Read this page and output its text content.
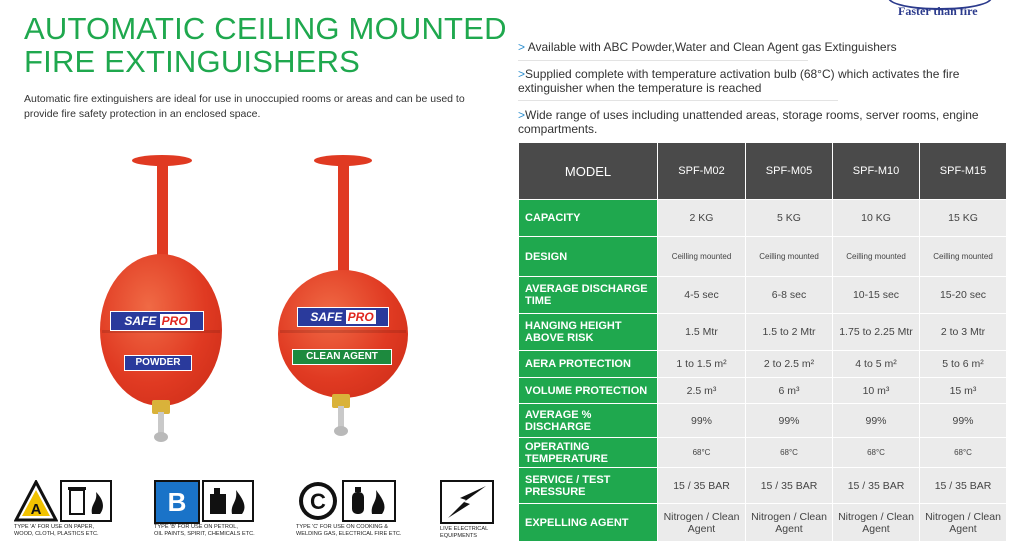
AUTOMATIC CEILING MOUNTED
FIRE EXTINGUISHERS
Automatic fire extinguishers are ideal for use in unoccupied rooms or areas and can be used to provide fire safety protection in an enclosed space.
Faster than fire
> Available with ABC Powder,Water and Clean Agent gas Extinguishers
>Supplied complete with temperature activation bulb (68°C) which activates the fire extinguisher when the temperature is reached
>Wide range of uses including unattended areas, storage rooms, server rooms, engine compartments.
SAFE PRO
POWDER
SAFE PRO
CLEAN AGENT
MODEL	SPF-M02	SPF-M05	SPF-M10	SPF-M15
CAPACITY	2 KG	5 KG	10 KG	15 KG
DESIGN	Ceilling mounted	Ceilling mounted	Ceilling mounted	Ceilling mounted
AVERAGE DISCHARGE TIME	4-5 sec	6-8 sec	10-15 sec	15-20 sec
HANGING HEIGHT ABOVE RISK	1.5 Mtr	1.5 to 2 Mtr	1.75 to 2.25 Mtr	2 to 3 Mtr
AERA PROTECTION	1 to 1.5 m²	2 to 2.5 m²	4 to 5 m²	5 to 6 m²
VOLUME PROTECTION	2.5 m³	6 m³	10 m³	15 m³
AVERAGE % DISCHARGE	99%	99%	99%	99%
OPERATING TEMPERATURE	68°C	68°C	68°C	68°C
SERVICE / TEST PRESSURE	15 / 35 BAR	15 / 35 BAR	15 / 35 BAR	15 / 35 BAR
EXPELLING AGENT	Nitrogen / Clean Agent	Nitrogen / Clean Agent	Nitrogen / Clean Agent	Nitrogen / Clean Agent
A
TYPE 'A' FOR USE ON PAPER,
WOOD, CLOTH, PLASTICS ETC.
B
TYPE 'B' FOR USE ON PETROL,
OIL PAINTS, SPIRIT, CHEMICALS ETC.
C
TYPE 'C' FOR USE ON COOKING &
WELDING GAS, ELECTRICAL FIRE ETC.
LIVE ELECTRICAL
EQUIPMENTS
